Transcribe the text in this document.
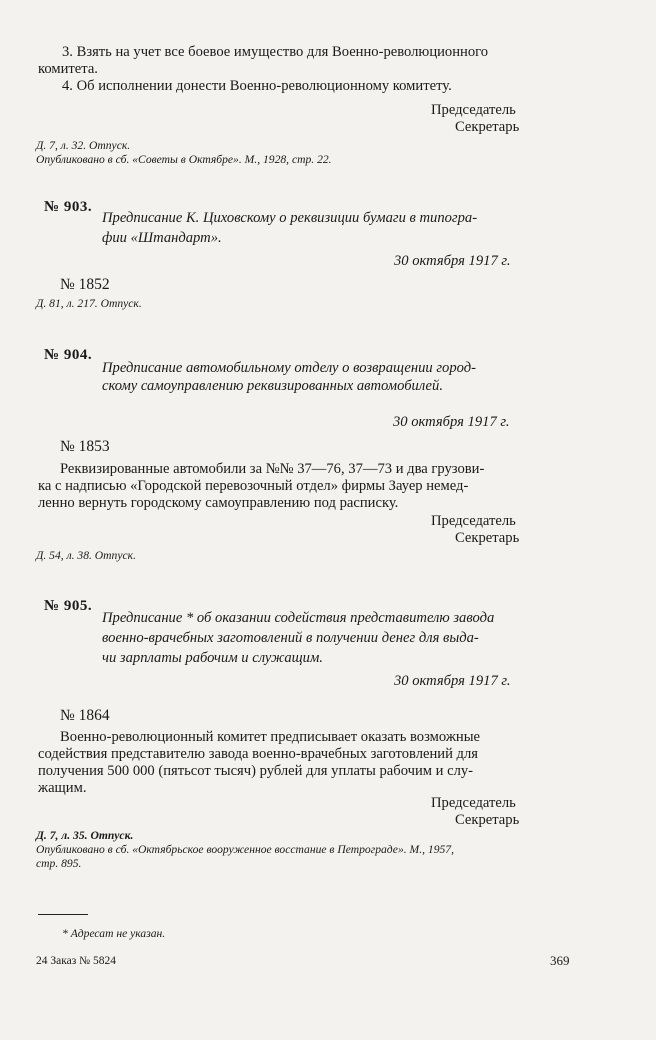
3. Взять на учет все боевое имущество для Военно-революционного
комитета.
4. Об исполнении донести Военно-революционному комитету.
Председатель
Секретарь
Д. 7, л. 32. Отпуск.
Опубликовано в сб. «Советы в Октябре». М., 1928, стр. 22.
№ 903.
Предписание К. Циховскому о реквизиции бумаги в типогра-
фии «Штандарт».
30 октября 1917 г.
№ 1852
Д. 81, л. 217. Отпуск.
№ 904.
Предписание автомобильному отделу о возвращении город-
скому самоуправлению реквизированных автомобилей.
30 октября 1917 г.
№ 1853
Реквизированные автомобили за №№ 37—76, 37—73 и два грузови-
ка с надписью «Городской перевозочный отдел» фирмы Зауер немед-
ленно вернуть городскому самоуправлению под расписку.
Председатель
Секретарь
Д. 54, л. 38. Отпуск.
№ 905.
Предписание * об оказании содействия представителю завода
военно-врачебных заготовлений в получении денег для выда-
чи зарплаты рабочим и служащим.
30 октября 1917 г.
№ 1864
Военно-революционный комитет предписывает оказать возможные
содействия представителю завода военно-врачебных заготовлений для
получения 500 000 (пятьсот тысяч) рублей для уплаты рабочим и слу-
жащим.
Председатель
Секретарь
Д. 7, л. 35. Отпуск.
Опубликовано в сб. «Октябрьское вооруженное восстание в Петрограде». М., 1957,
стр. 895.
* Адресат не указан.
24 Заказ № 5824	369
